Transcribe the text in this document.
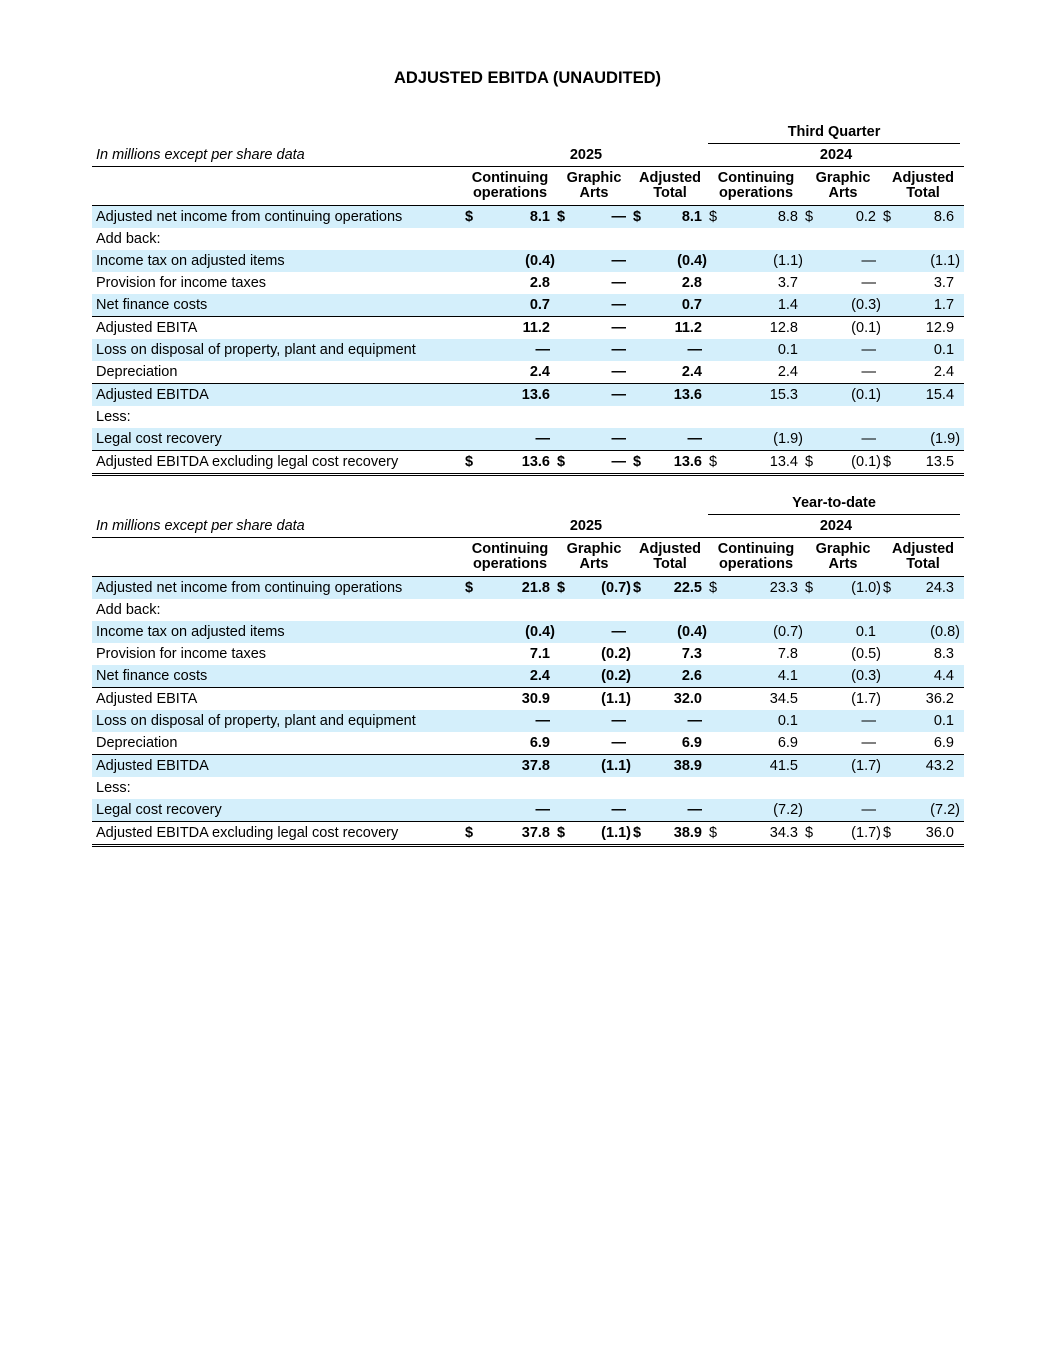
ADJUSTED EBITDA (UNAUDITED)
							Third Quarter						
In millions except per share data	2025						2024						
	Continuing operations		Graphic Arts		Adjusted Total		Continuing operations		Graphic Arts		Adjusted Total		
Adjusted net income from continuing operations	$	8.1	$	—	$	8.1	$	8.8	$	0.2	$	8.6	
Add back:													
Income tax on adjusted items		(0.4)		—		(0.4)		(1.1)		—		(1.1)	
Provision for income taxes		2.8		—		2.8		3.7		—		3.7	
Net finance costs		0.7		—		0.7		1.4		(0.3)		1.7	
Adjusted EBITA		11.2		—		11.2		12.8		(0.1)		12.9	
Loss on disposal of property, plant and equipment		—		—		—		0.1		—		0.1	
Depreciation		2.4		—		2.4		2.4		—		2.4	
Adjusted EBITDA		13.6		—		13.6		15.3		(0.1)		15.4	
Less:													
Legal cost recovery		—		—		—		(1.9)		—		(1.9)	
Adjusted EBITDA excluding legal cost recovery	$	13.6	$	—	$	13.6	$	13.4	$	(0.1)	$	13.5	
							Year-to-date						
In millions except per share data	2025						2024						
	Continuing operations		Graphic Arts		Adjusted Total		Continuing operations		Graphic Arts		Adjusted Total		
Adjusted net income from continuing operations	$	21.8	$	(0.7)	$	22.5	$	23.3	$	(1.0)	$	24.3	
Add back:													
Income tax on adjusted items		(0.4)		—		(0.4)		(0.7)		0.1		(0.8)	
Provision for income taxes		7.1		(0.2)		7.3		7.8		(0.5)		8.3	
Net finance costs		2.4		(0.2)		2.6		4.1		(0.3)		4.4	
Adjusted EBITA		30.9		(1.1)		32.0		34.5		(1.7)		36.2	
Loss on disposal of property, plant and equipment		—		—		—		0.1		—		0.1	
Depreciation		6.9		—		6.9		6.9		—		6.9	
Adjusted EBITDA		37.8		(1.1)		38.9		41.5		(1.7)		43.2	
Less:													
Legal cost recovery		—		—		—		(7.2)		—		(7.2)	
Adjusted EBITDA excluding legal cost recovery	$	37.8	$	(1.1)	$	38.9	$	34.3	$	(1.7)	$	36.0	
